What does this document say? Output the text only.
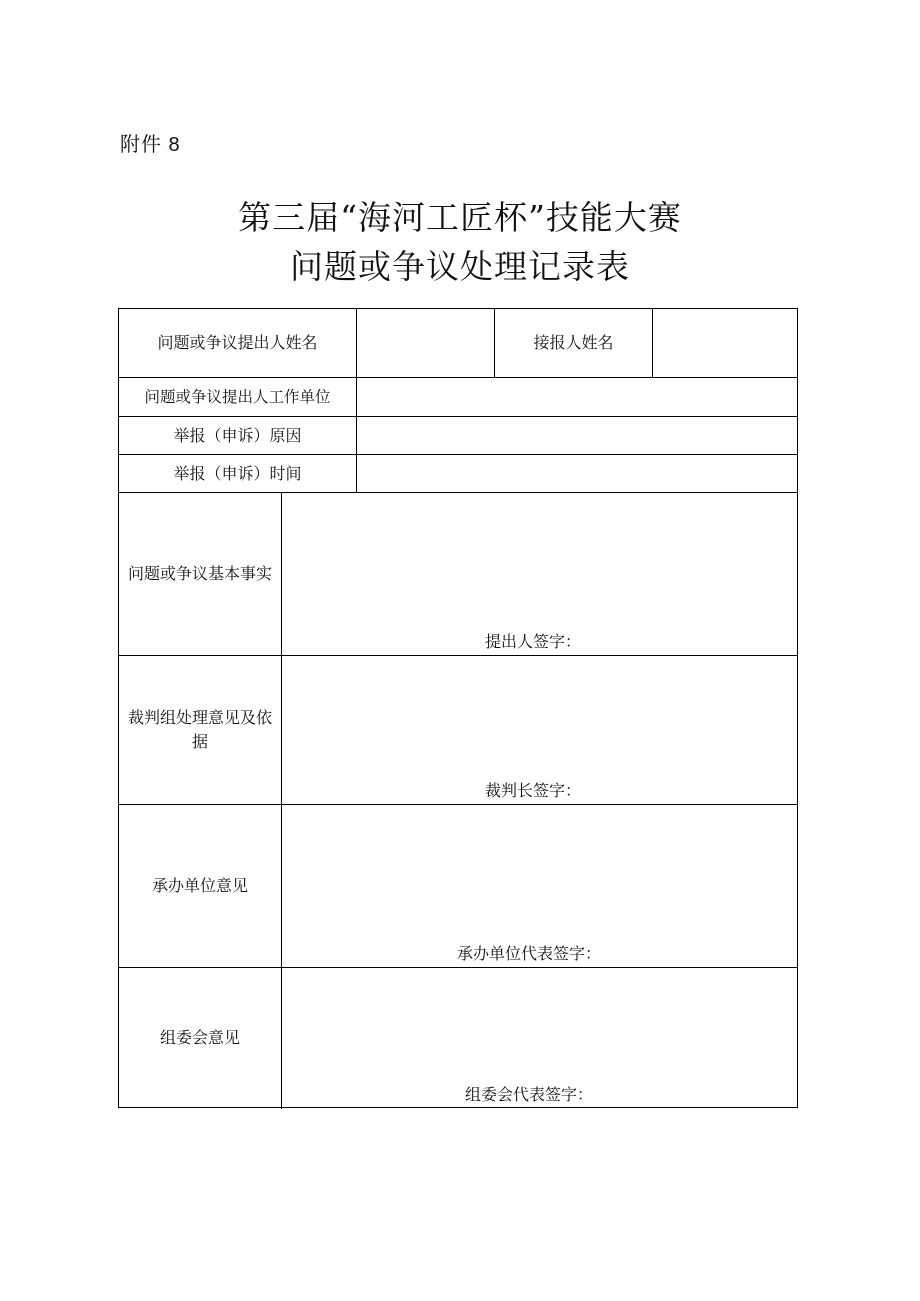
附件 8
第三届“海河工匠杯”技能大赛
问题或争议处理记录表
问题或争议提出人姓名	接报人姓名
问题或争议提出人工作单位
举报（申诉）原因
举报（申诉）时间
问题或争议基本事实
提出人签字：
裁判组处理意见及依据
裁判长签字：
承办单位意见
承办单位代表签字：
组委会意见
组委会代表签字：
